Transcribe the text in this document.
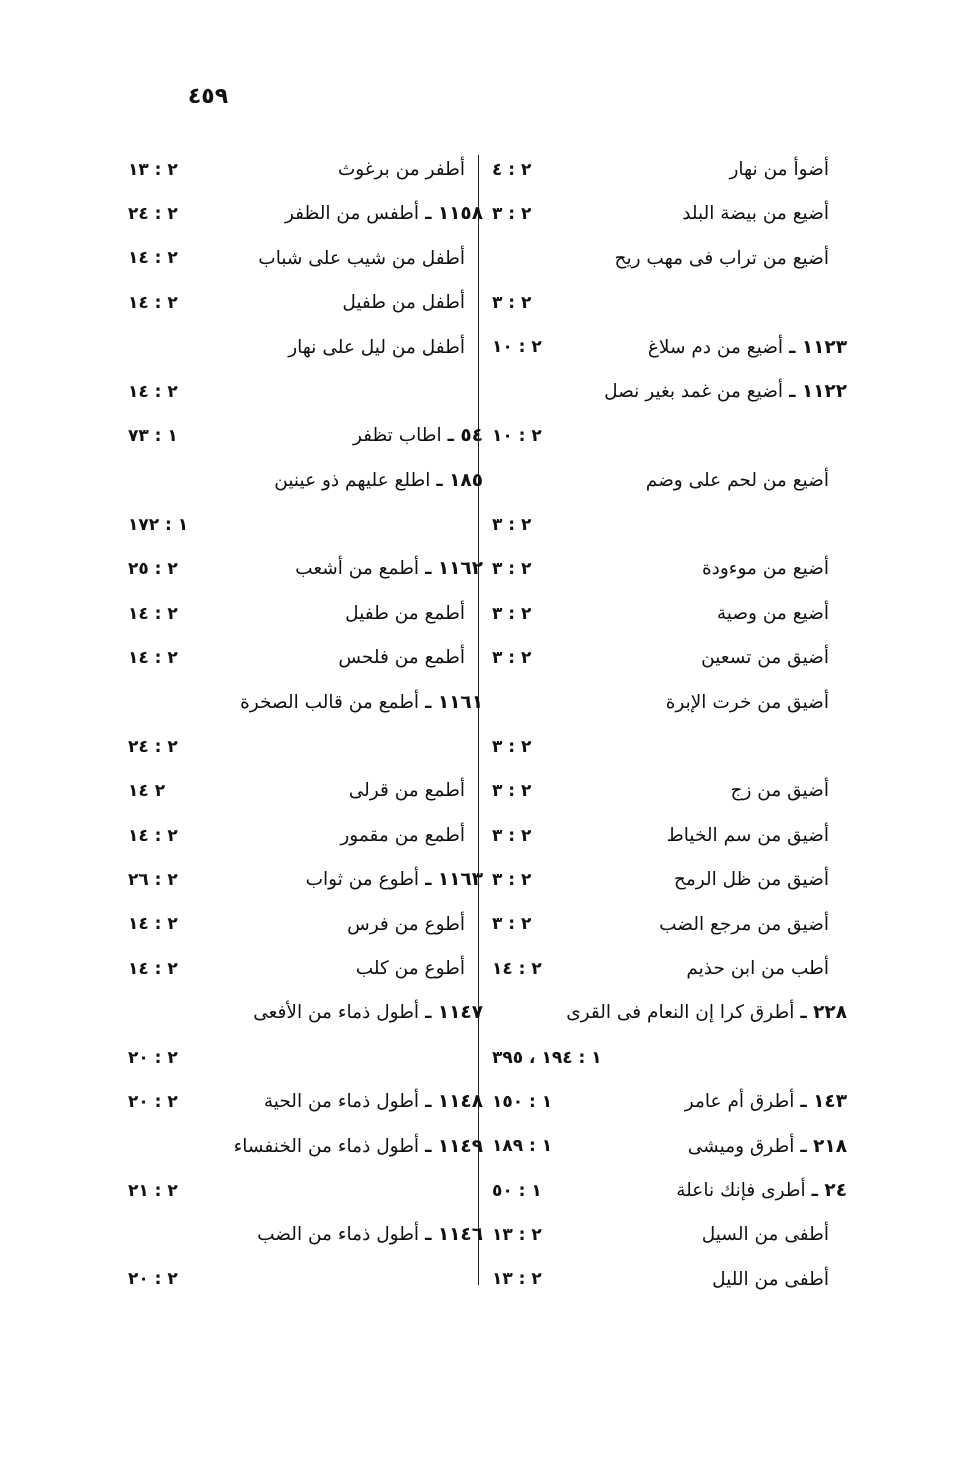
٤٥٩
أضوأ من نهار
٢ : ٤
أضيع من بيضة البلد
٢ : ٣
أضيع من تراب فى مهب ريح
٢ : ٣
١١٢٣ ـ
أضيع من دم سلاغ
٢ : ١٠
١١٢٢ ـ
أضيع من غمد بغير نصل
٢ : ١٠
أضيع من لحم على وضم
٢ : ٣
أضيع من موءودة
٢ : ٣
أضيع من وصية
٢ : ٣
أضيق من تسعين
٢ : ٣
أضيق من خرت الإبرة
٢ : ٣
أضيق من زج
٢ : ٣
أضيق من سم الخياط
٢ : ٣
أضيق من ظل الرمح
٢ : ٣
أضيق من مرجع الضب
٢ : ٣
أطب من ابن حذيم
٢ : ١٤
٢٢٨ ـ
أطرق كرا إن النعام فى القرى
١ : ١٩٤ ، ٣٩٥
١٤٣ ـ
أطرق أم عامر
١ : ١٥٠
٢١٨ ـ
أطرق وميشى
١ : ١٨٩
٢٤ ـ
أطرى فإنك ناعلة
١ : ٥٠
أطفى من السيل
٢ : ١٣
أطفى من الليل
٢ : ١٣
أطفر من برغوث
٢ : ١٣
١١٥٨ ـ
أطفس من الظفر
٢ : ٢٤
أطفل من شيب على شباب
٢ : ١٤
أطفل من طفيل
٢ : ١٤
أطفل من ليل على نهار
٢ : ١٤
٥٤ ـ
اطاب تظفر
١ : ٧٣
١٨٥ ـ
اطلع عليهم ذو عينين
١ : ١٧٢
١١٦٢ ـ
أطمع من أشعب
٢ : ٢٥
أطمع من طفيل
٢ : ١٤
أطمع من فلحس
٢ : ١٤
١١٦١ ـ
أطمع من قالب الصخرة
٢ : ٢٤
أطمع من قرلى
٢ ١٤
أطمع من مقمور
٢ : ١٤
١١٦٣ ـ
أطوع من ثواب
٢ : ٢٦
أطوع من فرس
٢ : ١٤
أطوع من كلب
٢ : ١٤
١١٤٧ ـ
أطول ذماء من الأفعى
٢ : ٢٠
١١٤٨ ـ
أطول ذماء من الحية
٢ : ٢٠
١١٤٩ ـ
أطول ذماء من الخنفساء
٢ : ٢١
١١٤٦ ـ
أطول ذماء من الضب
٢ : ٢٠
